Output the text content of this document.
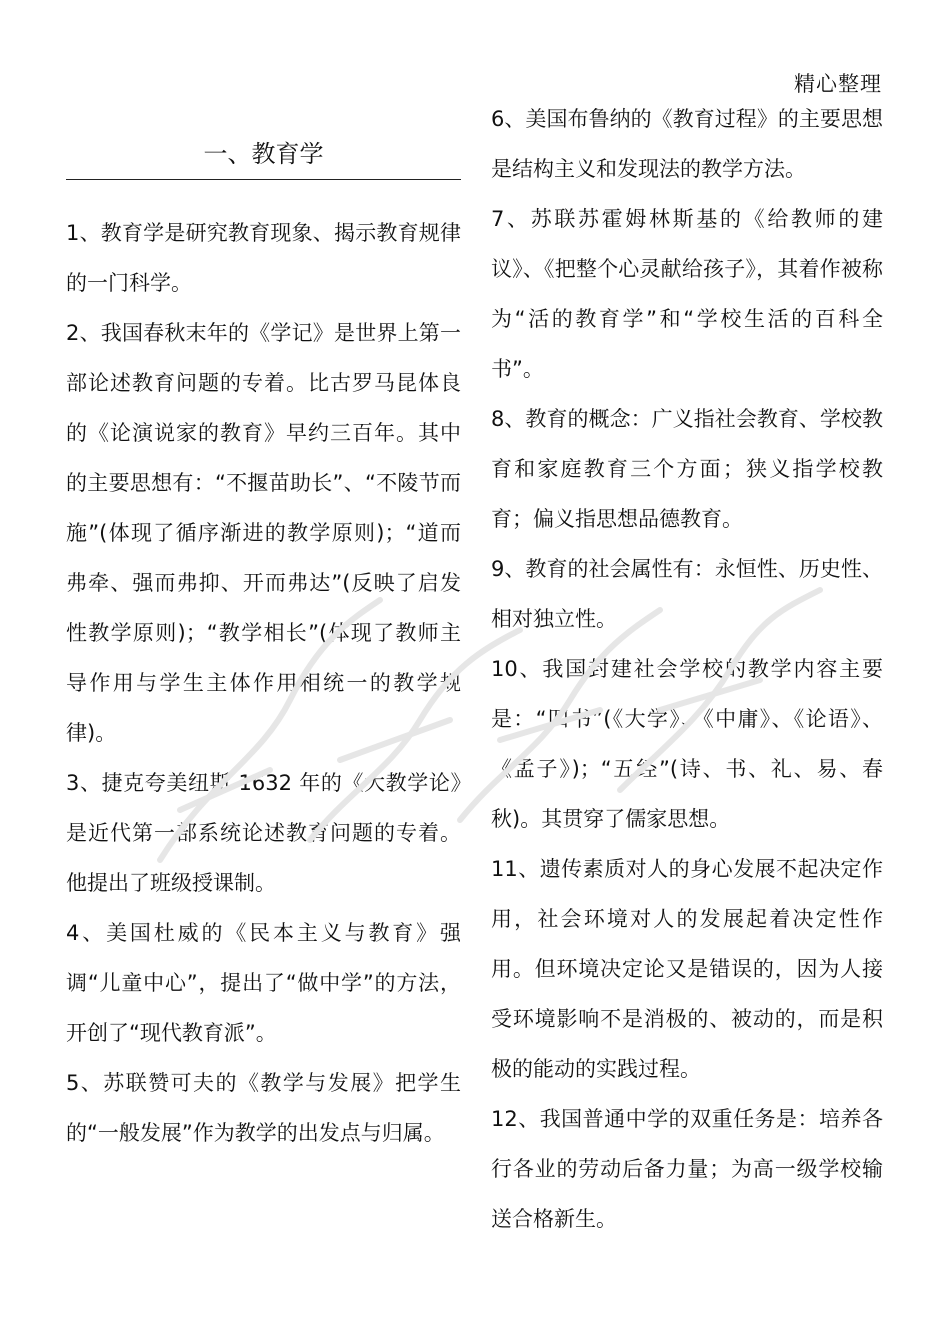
精心整理
一、教育学

1、教育学是研究教育现象、揭示教育规律的一门科学。

2、我国春秋末年的《学记》是世界上第一部论述教育问题的专着。比古罗马昆体良的《论演说家的教育》早约三百年。其中的主要思想有：“不揠苗助长”、“不陵节而施”(体现了循序渐进的教学原则)；“道而弗牵、强而弗抑、开而弗达”(反映了启发性教学原则)；“教学相长”(体现了教师主导作用与学生主体作用相统一的教学规律)。

3、捷克夸美纽斯 1632 年的《大教学论》是近代第一部系统论述教育问题的专着。他提出了班级授课制。

4、美国杜威的《民本主义与教育》强调“儿童中心”，提出了“做中学”的方法，开创了“现代教育派”。

5、苏联赞可夫的《教学与发展》把学生的“一般发展”作为教学的出发点与归属。

6、美国布鲁纳的《教育过程》的主要思想是结构主义和发现法的教学方法。

7、苏联苏霍姆林斯基的《给教师的建议》、《把整个心灵献给孩子》，其着作被称为“活的教育学”和“学校生活的百科全书”。

8、教育的概念：广义指社会教育、学校教育和家庭教育三个方面；狭义指学校教育；偏义指思想品德教育。

9、教育的社会属性有：永恒性、历史性、相对独立性。

10、我国封建社会学校的教学内容主要是：“四书”(《大学》、《中庸》、《论语》、《孟子》)；“五经”(诗、书、礼、易、春秋)。其贯穿了儒家思想。

11、遗传素质对人的身心发展不起决定作用，社会环境对人的发展起着决定性作用。但环境决定论又是错误的，因为人接受环境影响不是消极的、被动的，而是积极的能动的实践过程。

12、我国普通中学的双重任务是：培养各行各业的劳动后备力量；为高一级学校输送合格新生。
